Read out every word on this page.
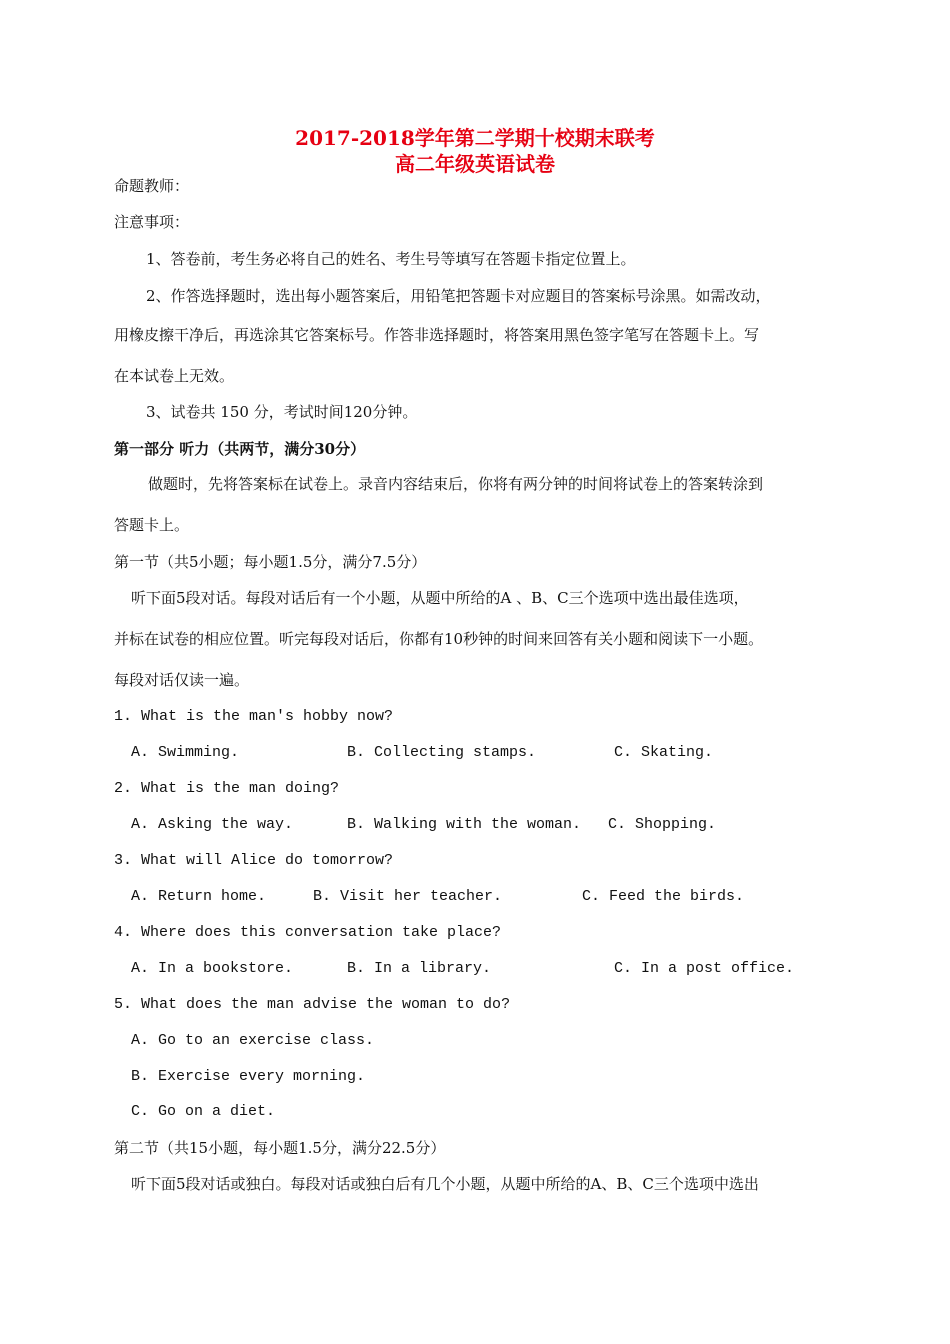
2017-2018学年第二学期十校期末联考
高二年级英语试卷
命题教师：
注意事项：
1、答卷前，考生务必将自己的姓名、考生号等填写在答题卡指定位置上。
2、作答选择题时，选出每小题答案后，用铅笔把答题卡对应题目的答案标号涂黑。如需改动，
用橡皮擦干净后，再选涂其它答案标号。作答非选择题时，将答案用黑色签字笔写在答题卡上。写
在本试卷上无效。
3、试卷共 150 分，考试时间120分钟。
第一部分 听力（共两节，满分30分）
做题时，先将答案标在试卷上。录音内容结束后，你将有两分钟的时间将试卷上的答案转涂到
答题卡上。
第一节（共5小题；每小题1.5分，满分7.5分）
听下面5段对话。每段对话后有一个小题，从题中所给的A 、B、C三个选项中选出最佳选项，
并标在试卷的相应位置。听完每段对话后，你都有10秒钟的时间来回答有关小题和阅读下一小题。
每段对话仅读一遍。
1. What is the man's hobby now?
A. Swimming.	B. Collecting stamps.	C. Skating.
2. What is the man doing?
A. Asking the way.	B. Walking with the woman. C. Shopping.
3. What will Alice do tomorrow?
A. Return home.	B. Visit her teacher.	C. Feed the birds.
4. Where does this conversation take place?
A. In a bookstore.	B. In a library.	C. In a post office.
5. What does the man advise the woman to do?
A. Go to an exercise class.
B. Exercise every morning.
C. Go on a diet.
第二节（共15小题，每小题1.5分，满分22.5分）
听下面5段对话或独白。每段对话或独白后有几个小题，从题中所给的A、B、C三个选项中选出
